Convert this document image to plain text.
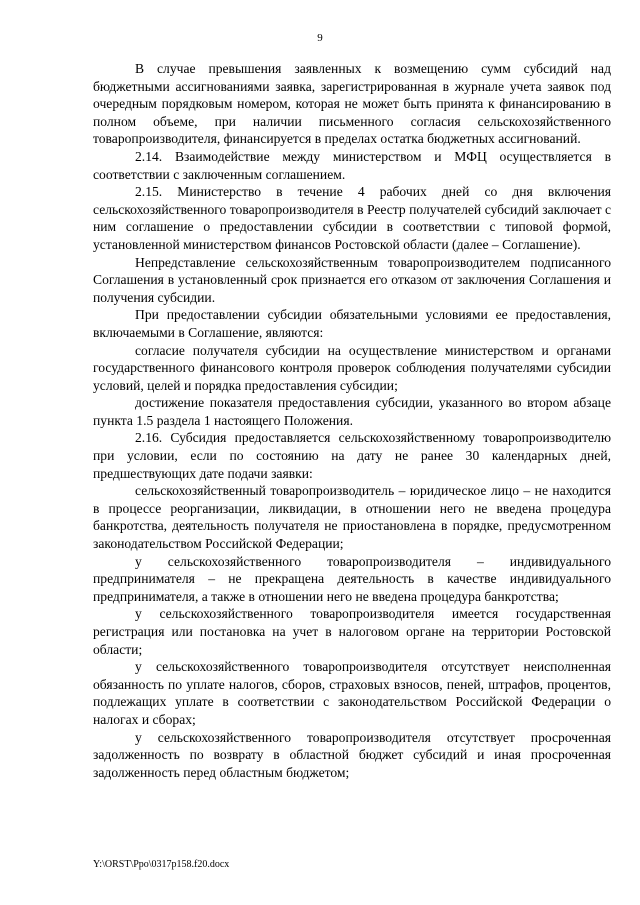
9

В случае превышения заявленных к возмещению сумм субсидий над бюджетными ассигнованиями заявка, зарегистрированная в журнале учета заявок под очередным порядковым номером, которая не может быть принята к финансированию в полном объеме, при наличии письменного согласия сельскохозяйственного товаропроизводителя, финансируется в пределах остатка бюджетных ассигнований.

2.14. Взаимодействие между министерством и МФЦ осуществляется в соответствии с заключенным соглашением.

2.15. Министерство в течение 4 рабочих дней со дня включения сельскохозяйственного товаропроизводителя в Реестр получателей субсидий заключает с ним соглашение о предоставлении субсидии в соответствии с типовой формой, установленной министерством финансов Ростовской области (далее – Соглашение).

Непредставление сельскохозяйственным товаропроизводителем подписанного Соглашения в установленный срок признается его отказом от заключения Соглашения и получения субсидии.

При предоставлении субсидии обязательными условиями ее предоставления, включаемыми в Соглашение, являются:

согласие получателя субсидии на осуществление министерством и органами государственного финансового контроля проверок соблюдения получателями субсидии условий, целей и порядка предоставления субсидии;

достижение показателя предоставления субсидии, указанного во втором абзаце пункта 1.5 раздела 1 настоящего Положения.

2.16. Субсидия предоставляется сельскохозяйственному товаропроизводителю при условии, если по состоянию на дату не ранее 30 календарных дней, предшествующих дате подачи заявки:

сельскохозяйственный товаропроизводитель – юридическое лицо – не находится в процессе реорганизации, ликвидации, в отношении него не введена процедура банкротства, деятельность получателя не приостановлена в порядке, предусмотренном законодательством Российской Федерации;

у сельскохозяйственного товаропроизводителя – индивидуального предпринимателя – не прекращена деятельность в качестве индивидуального предпринимателя, а также в отношении него не введена процедура банкротства;

у сельскохозяйственного товаропроизводителя имеется государственная регистрация или постановка на учет в налоговом органе на территории Ростовской области;

у сельскохозяйственного товаропроизводителя отсутствует неисполненная обязанность по уплате налогов, сборов, страховых взносов, пеней, штрафов, процентов, подлежащих уплате в соответствии с законодательством Российской Федерации о налогах и сборах;

у сельскохозяйственного товаропроизводителя отсутствует просроченная задолженность по возврату в областной бюджет субсидий и иная просроченная задолженность перед областным бюджетом;

Y:\ORST\Ppo\0317p158.f20.docx
